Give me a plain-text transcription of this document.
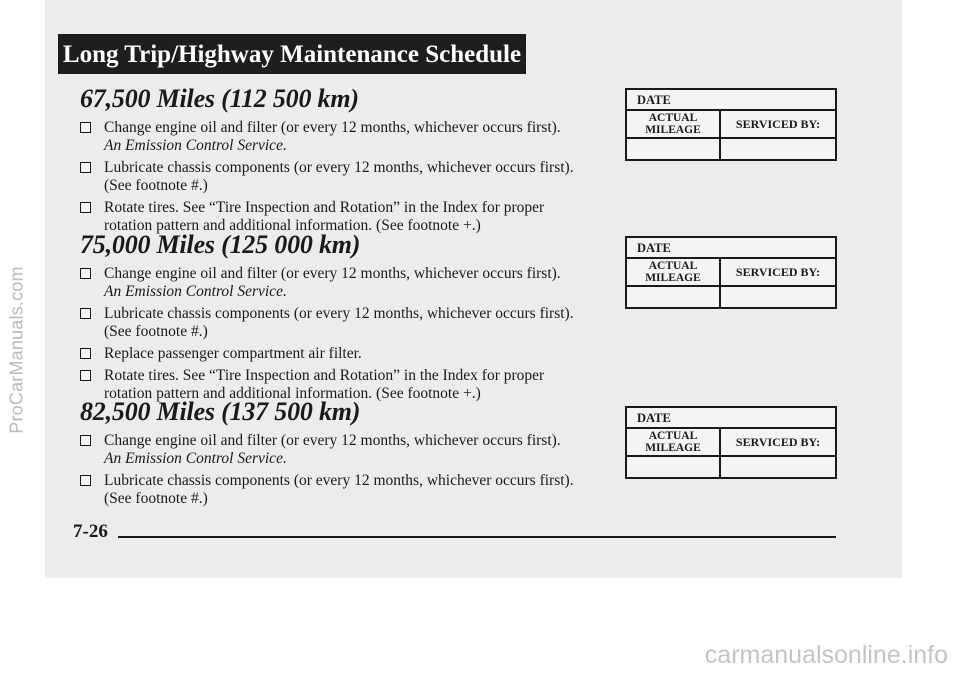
Long Trip/Highway Maintenance Schedule
67,500 Miles (112 500 km)
Change engine oil and filter (or every 12 months, whichever occurs first).
An Emission Control Service.
Lubricate chassis components (or every 12 months, whichever occurs first).
(See footnote #.)
Rotate tires. See “Tire Inspection and Rotation” in the Index for proper
rotation pattern and additional information. (See footnote +.)
75,000 Miles (125 000 km)
Change engine oil and filter (or every 12 months, whichever occurs first).
An Emission Control Service.
Lubricate chassis components (or every 12 months, whichever occurs first).
(See footnote #.)
Replace passenger compartment air filter.
Rotate tires. See “Tire Inspection and Rotation” in the Index for proper
rotation pattern and additional information. (See footnote +.)
82,500 Miles (137 500 km)
Change engine oil and filter (or every 12 months, whichever occurs first).
An Emission Control Service.
Lubricate chassis components (or every 12 months, whichever occurs first).
(See footnote #.)
DATE
ACTUAL MILEAGE	SERVICED BY:
DATE
ACTUAL MILEAGE	SERVICED BY:
DATE
ACTUAL MILEAGE	SERVICED BY:
7-26
ProCarManuals.com
carmanualsonline.info
